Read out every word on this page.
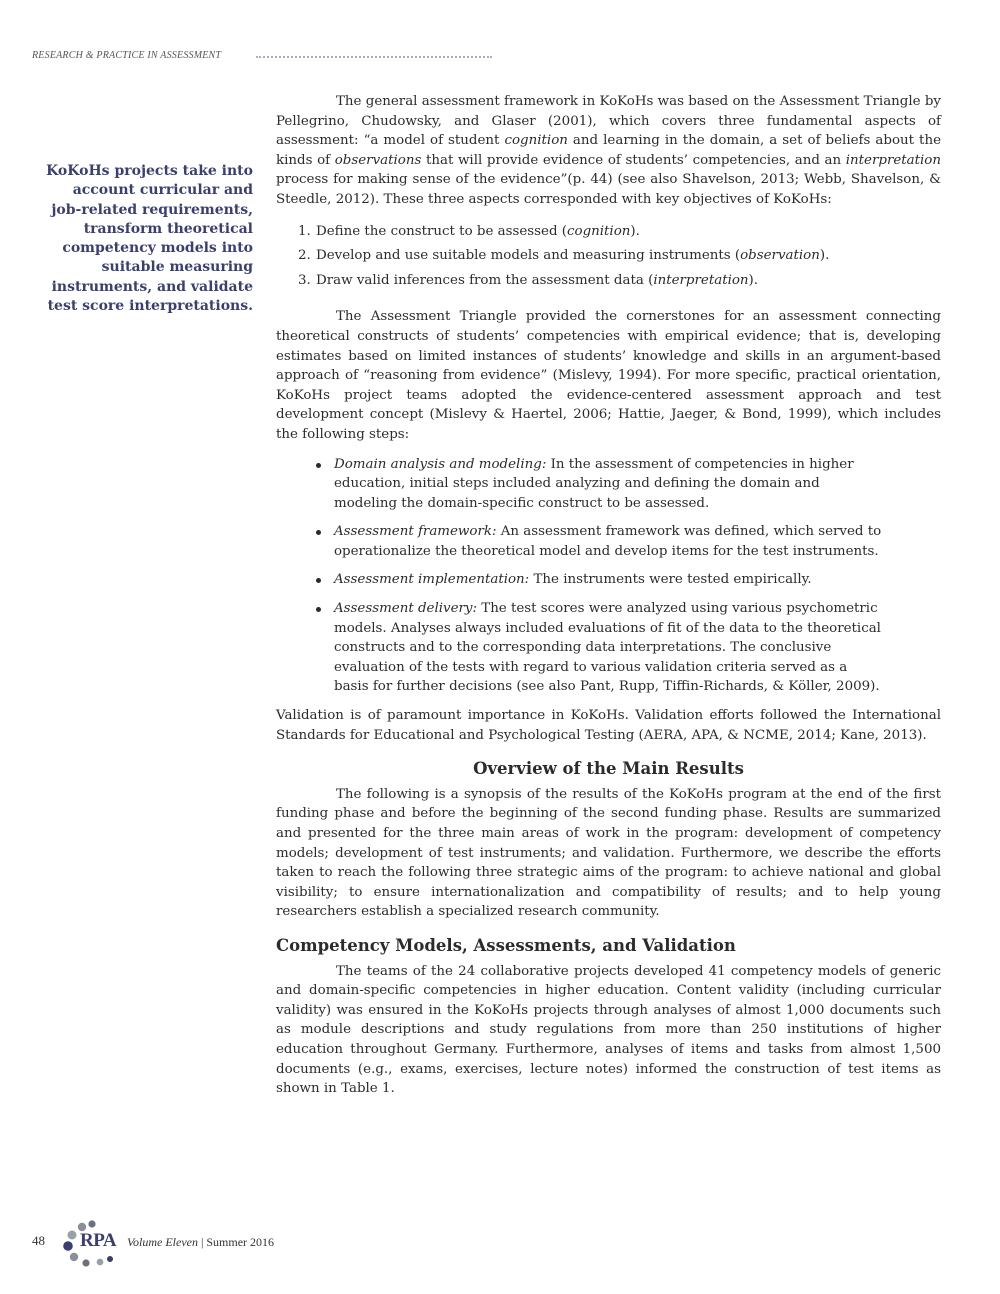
RESEARCH & PRACTICE IN ASSESSMENT
KoKoHs projects take into account curricular and job-related requirements, transform theoretical competency models into suitable measuring instruments, and validate test score interpretations.

The general assessment framework in KoKoHs was based on the Assessment Triangle by Pellegrino, Chudowsky, and Glaser (2001), which covers three fundamental aspects of assessment: “a model of student cognition and learning in the domain, a set of beliefs about the kinds of observations that will provide evidence of students’ competencies, and an interpretation process for making sense of the evidence”(p. 44) (see also Shavelson, 2013; Webb, Shavelson, & Steedle, 2012). These three aspects corresponded with key objectives of KoKoHs:

1. Define the construct to be assessed (cognition).
2. Develop and use suitable models and measuring instruments (observation).
3. Draw valid inferences from the assessment data (interpretation).

The Assessment Triangle provided the cornerstones for an assessment connecting theoretical constructs of students’ competencies with empirical evidence; that is, developing estimates based on limited instances of students’ knowledge and skills in an argument-based approach of “reasoning from evidence” (Mislevy, 1994). For more specific, practical orientation, KoKoHs project teams adopted the evidence-centered assessment approach and test development concept (Mislevy & Haertel, 2006; Hattie, Jaeger, & Bond, 1999), which includes the following steps:

Domain analysis and modeling: In the assessment of competencies in higher education, initial steps included analyzing and defining the domain and modeling the domain-specific construct to be assessed.
Assessment framework: An assessment framework was defined, which served to operationalize the theoretical model and develop items for the test instruments.
Assessment implementation: The instruments were tested empirically.
Assessment delivery: The test scores were analyzed using various psychometric models. Analyses always included evaluations of fit of the data to the theoretical constructs and to the corresponding data interpretations. The conclusive evaluation of the tests with regard to various validation criteria served as a basis for further decisions (see also Pant, Rupp, Tiffin-Richards, & Köller, 2009).

Validation is of paramount importance in KoKoHs. Validation efforts followed the International Standards for Educational and Psychological Testing (AERA, APA, & NCME, 2014; Kane, 2013).

Overview of the Main Results

The following is a synopsis of the results of the KoKoHs program at the end of the first funding phase and before the beginning of the second funding phase. Results are summarized and presented for the three main areas of work in the program: development of competency models; development of test instruments; and validation. Furthermore, we describe the efforts taken to reach the following three strategic aims of the program: to achieve national and global visibility; to ensure internationalization and compatibility of results; and to help young researchers establish a specialized research community.

Competency Models, Assessments, and Validation

The teams of the 24 collaborative projects developed 41 competency models of generic and domain-specific competencies in higher education. Content validity (including curricular validity) was ensured in the KoKoHs projects through analyses of almost 1,000 documents such as module descriptions and study regulations from more than 250 institutions of higher education throughout Germany. Furthermore, analyses of items and tasks from almost 1,500 documents (e.g., exams, exercises, lecture notes) informed the construction of test items as shown in Table 1.

48 RPA Volume Eleven | Summer 2016
